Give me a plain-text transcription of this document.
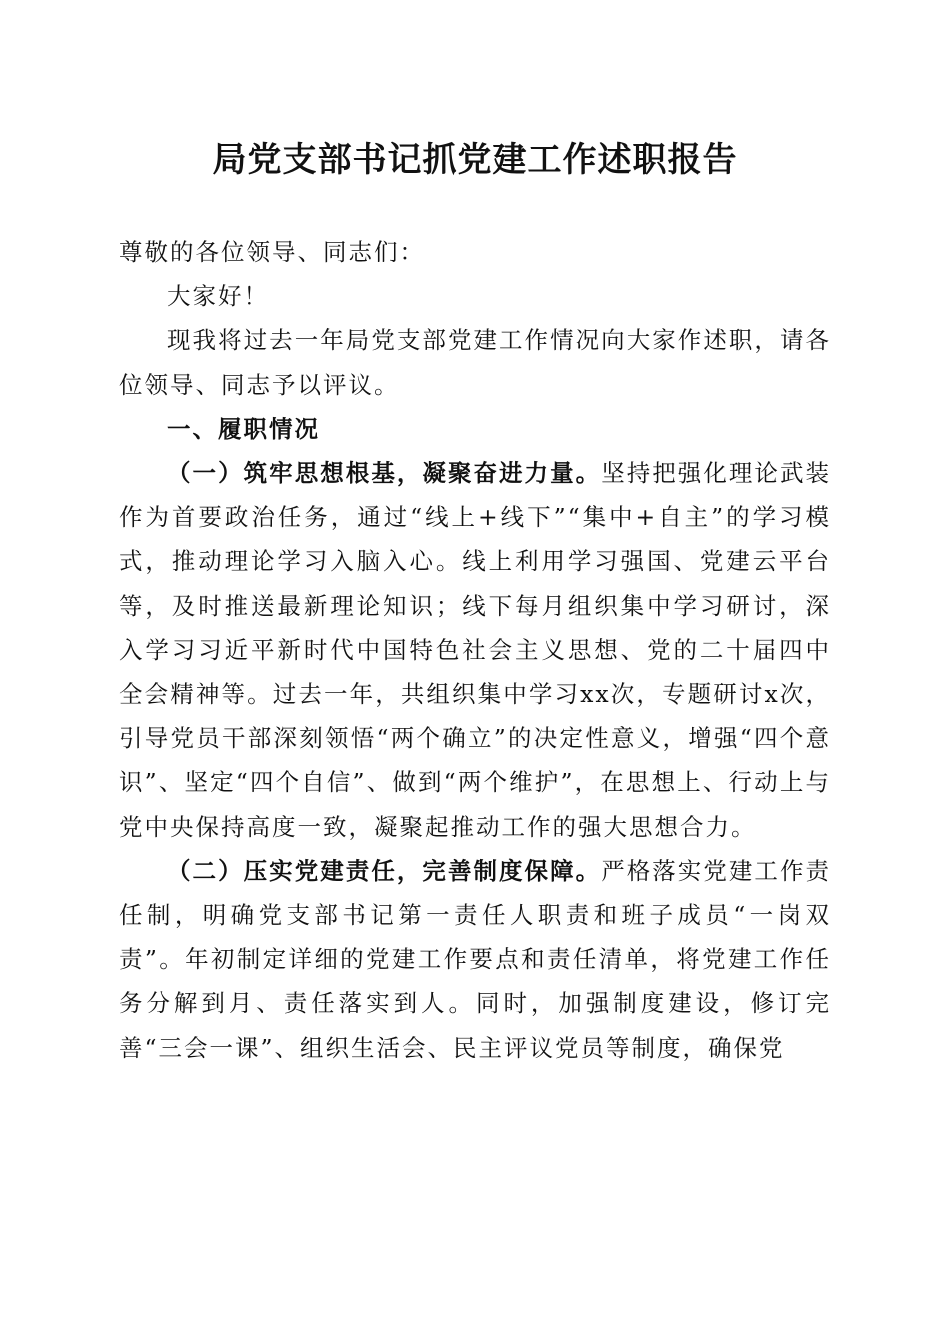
局党支部书记抓党建工作述职报告

尊敬的各位领导、同志们：

大家好！

现我将过去一年局党支部党建工作情况向大家作述职，请各位领导、同志予以评议。

一、履职情况

（一）筑牢思想根基，凝聚奋进力量。坚持把强化理论武装作为首要政治任务，通过“线上+线下”“集中+自主”的学习模式，推动理论学习入脑入心。线上利用学习强国、党建云平台等，及时推送最新理论知识；线下每月组织集中学习研讨，深入学习习近平新时代中国特色社会主义思想、党的二十届四中全会精神等。过去一年，共组织集中学习xx次，专题研讨x次，引导党员干部深刻领悟“两个确立”的决定性意义，增强“四个意识”、坚定“四个自信”、做到“两个维护”，在思想上、行动上与党中央保持高度一致，凝聚起推动工作的强大思想合力。

（二）压实党建责任，完善制度保障。严格落实党建工作责任制，明确党支部书记第一责任人职责和班子成员“一岗双责”。年初制定详细的党建工作要点和责任清单，将党建工作任务分解到月、责任落实到人。同时，加强制度建设，修订完善“三会一课”、组织生活会、民主评议党员等制度，确保党
